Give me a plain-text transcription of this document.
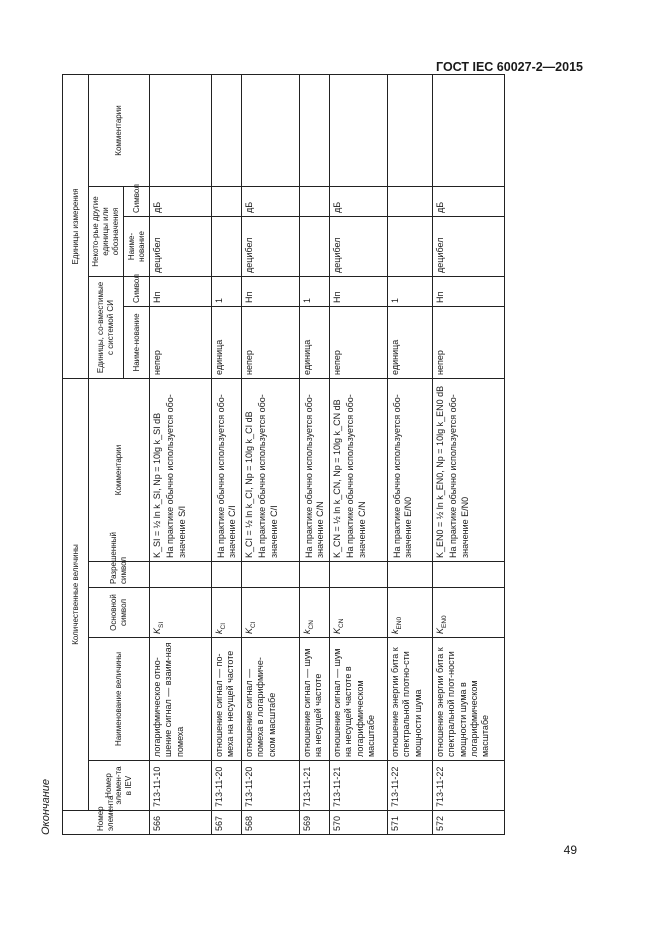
ГОСТ IEC 60027-2—2015
Окончание	Номер элемента	Количественные величины					Единицы измерения				
	Номер элемен-та в IEV	Наименование величины	Основной символ	Разрешенный символ	Комментарии	Единицы, со-вместимые с системой СИ		Некото-рые другие единицы или обозначения		Комментарии
						Наиме-нование	Символ	Наиме-нование	Символ	
566	713-11-10	логарифмическое отно-шение сигнал — взаим-ная помеха	$K_{SI}$		K_SI = ½ ln k_SI, Np = 10lg k_SI dB На практике обычно используется обо-значение S/I	непер	Нп	децибел	дБ	
567	713-11-20	отношение сигнал — по-меха на несущей частоте	$k_{CI}$		На практике обычно используется обо-значение C/I	единица	1			
568	713-11-20	отношение сигнал — помеха в логарифмиче-ском масштабе	$K_{CI}$		K_CI = ½ ln k_CI, Np = 10lg k_CI dB На практике обычно используется обо-значение C/I	непер	Нп	децибел	дБ	
569	713-11-21	отношение сигнал — шум на несущей частоте	$k_{CN}$		На практике обычно используется обо-значение C/N	единица	1			
570	713-11-21	отношение сигнал — шум на несущей частоте в логарифмическом масштабе	$K_{CN}$		K_CN = ½ ln k_CN, Np = 10lg k_CN dB На практике обычно используется обо-значение C/N	непер	Нп	децибел	дБ	
571	713-11-22	отношение энергии бита к спектральной плотно-сти мощности шума	$k_{EN0}$		На практике обычно используется обо-значение E/N0	единица	1			
572	713-11-22	отношение энергии бита к спектральной плот-ности мощности шума в логарифмическом масштабе	$K_{EN0}$		K_EN0 = ½ ln k_EN0, Np = 10lg k_EN0 dB На практике обычно используется обо-значение E/N0	непер	Нп	децибел	дБ	
49
